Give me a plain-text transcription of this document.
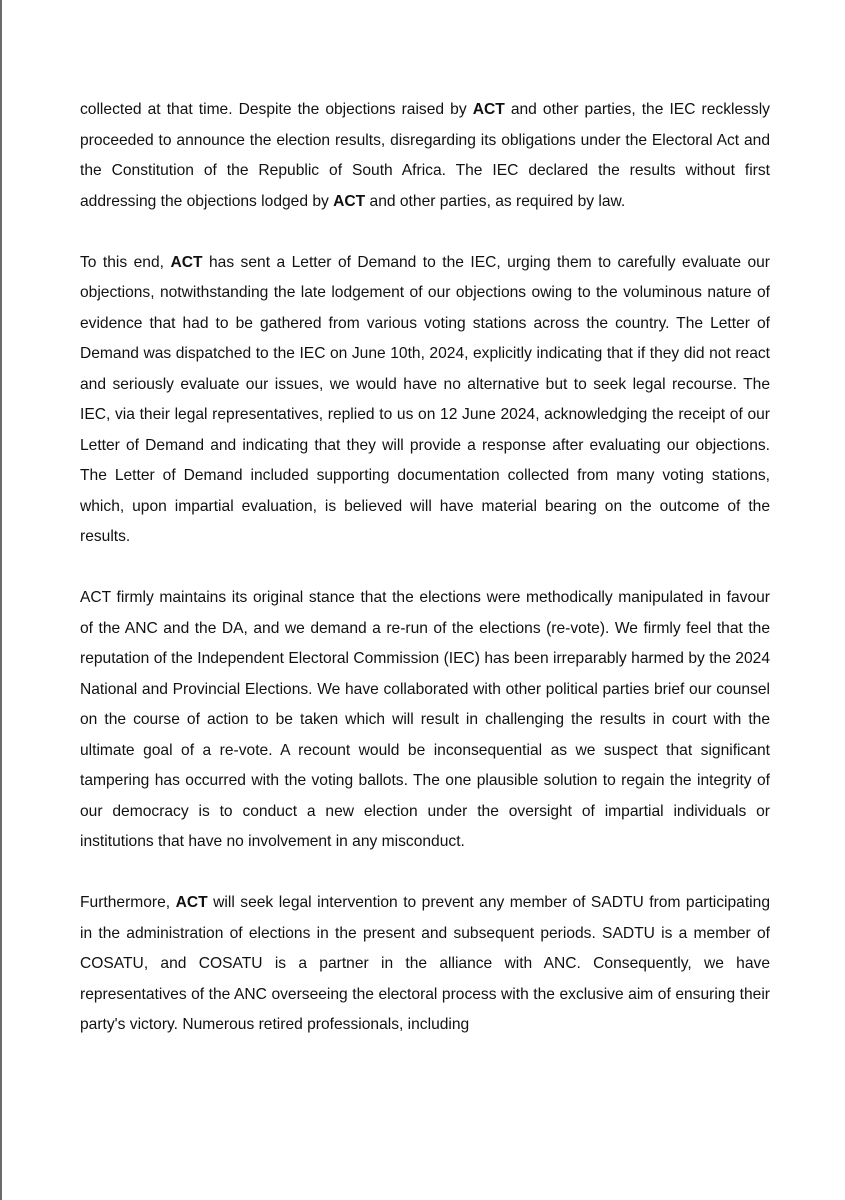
collected at that time. Despite the objections raised by ACT and other parties, the IEC recklessly proceeded to announce the election results, disregarding its obligations under the Electoral Act and the Constitution of the Republic of South Africa. The IEC declared the results without first addressing the objections lodged by ACT and other parties, as required by law.

To this end, ACT has sent a Letter of Demand to the IEC, urging them to carefully evaluate our objections, notwithstanding the late lodgement of our objections owing to the voluminous nature of evidence that had to be gathered from various voting stations across the country. The Letter of Demand was dispatched to the IEC on June 10th, 2024, explicitly indicating that if they did not react and seriously evaluate our issues, we would have no alternative but to seek legal recourse. The IEC, via their legal representatives, replied to us on 12 June 2024, acknowledging the receipt of our Letter of Demand and indicating that they will provide a response after evaluating our objections. The Letter of Demand included supporting documentation collected from many voting stations, which, upon impartial evaluation, is believed will have material bearing on the outcome of the results.

ACT firmly maintains its original stance that the elections were methodically manipulated in favour of the ANC and the DA, and we demand a re-run of the elections (re-vote). We firmly feel that the reputation of the Independent Electoral Commission (IEC) has been irreparably harmed by the 2024 National and Provincial Elections. We have collaborated with other political parties brief our counsel on the course of action to be taken which will result in challenging the results in court with the ultimate goal of a re-vote. A recount would be inconsequential as we suspect that significant tampering has occurred with the voting ballots. The one plausible solution to regain the integrity of our democracy is to conduct a new election under the oversight of impartial individuals or institutions that have no involvement in any misconduct.

Furthermore, ACT will seek legal intervention to prevent any member of SADTU from participating in the administration of elections in the present and subsequent periods. SADTU is a member of COSATU, and COSATU is a partner in the alliance with ANC. Consequently, we have representatives of the ANC overseeing the electoral process with the exclusive aim of ensuring their party's victory. Numerous retired professionals, including
